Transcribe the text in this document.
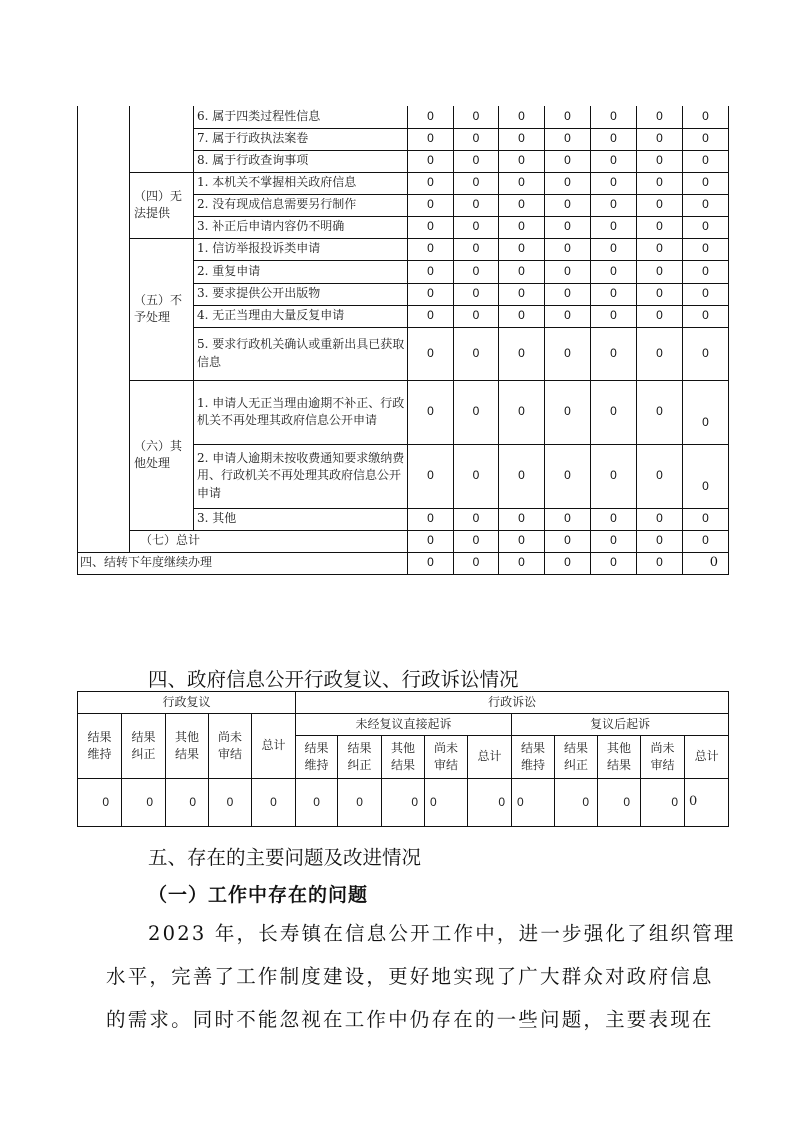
		6. 属于四类过程性信息	0	0	0	0	0	0	0
		7. 属于行政执法案卷	0	0	0	0	0	0	0
		8. 属于行政查询事项	0	0	0	0	0	0	0
	（四）无法提供	1. 本机关不掌握相关政府信息	0	0	0	0	0	0	0
		2. 没有现成信息需要另行制作	0	0	0	0	0	0	0
		3. 补正后申请内容仍不明确	0	0	0	0	0	0	0
	（五）不予处理	1. 信访举报投诉类申请	0	0	0	0	0	0	0
		2. 重复申请	0	0	0	0	0	0	0
		3. 要求提供公开出版物	0	0	0	0	0	0	0
		4. 无正当理由大量反复申请	0	0	0	0	0	0	0
		5. 要求行政机关确认或重新出具已获取信息	0	0	0	0	0	0	0
	（六）其他处理	1. 申请人无正当理由逾期不补正、行政机关不再处理其政府信息公开申请	0	0	0	0	0	0	0
		2. 申请人逾期未按收费通知要求缴纳费用、行政机关不再处理其政府信息公开申请	0	0	0	0	0	0	0
		3. 其他	0	0	0	0	0	0	0
	（七）总计		0	0	0	0	0	0	0
四、结转下年度继续办理			0	0	0	0	0	0	0
四、政府信息公开行政复议、行政诉讼情况
行政复议					行政诉讼									
结果维持	结果纠正	其他结果	尚未审结	总计	未经复议直接起诉					复议后起诉				
					结果维持	结果纠正	其他结果	尚未审结	总计	结果维持	结果纠正	其他结果	尚未审结	总计
0	0	0	0	0	0	0	0	0	0	0	0	0	0	0
五、存在的主要问题及改进情况
（一）工作中存在的问题
2023 年，长寿镇在信息公开工作中，进一步强化了组织管理
水平，完善了工作制度建设，更好地实现了广大群众对政府信息
的需求。同时不能忽视在工作中仍存在的一些问题，主要表现在
